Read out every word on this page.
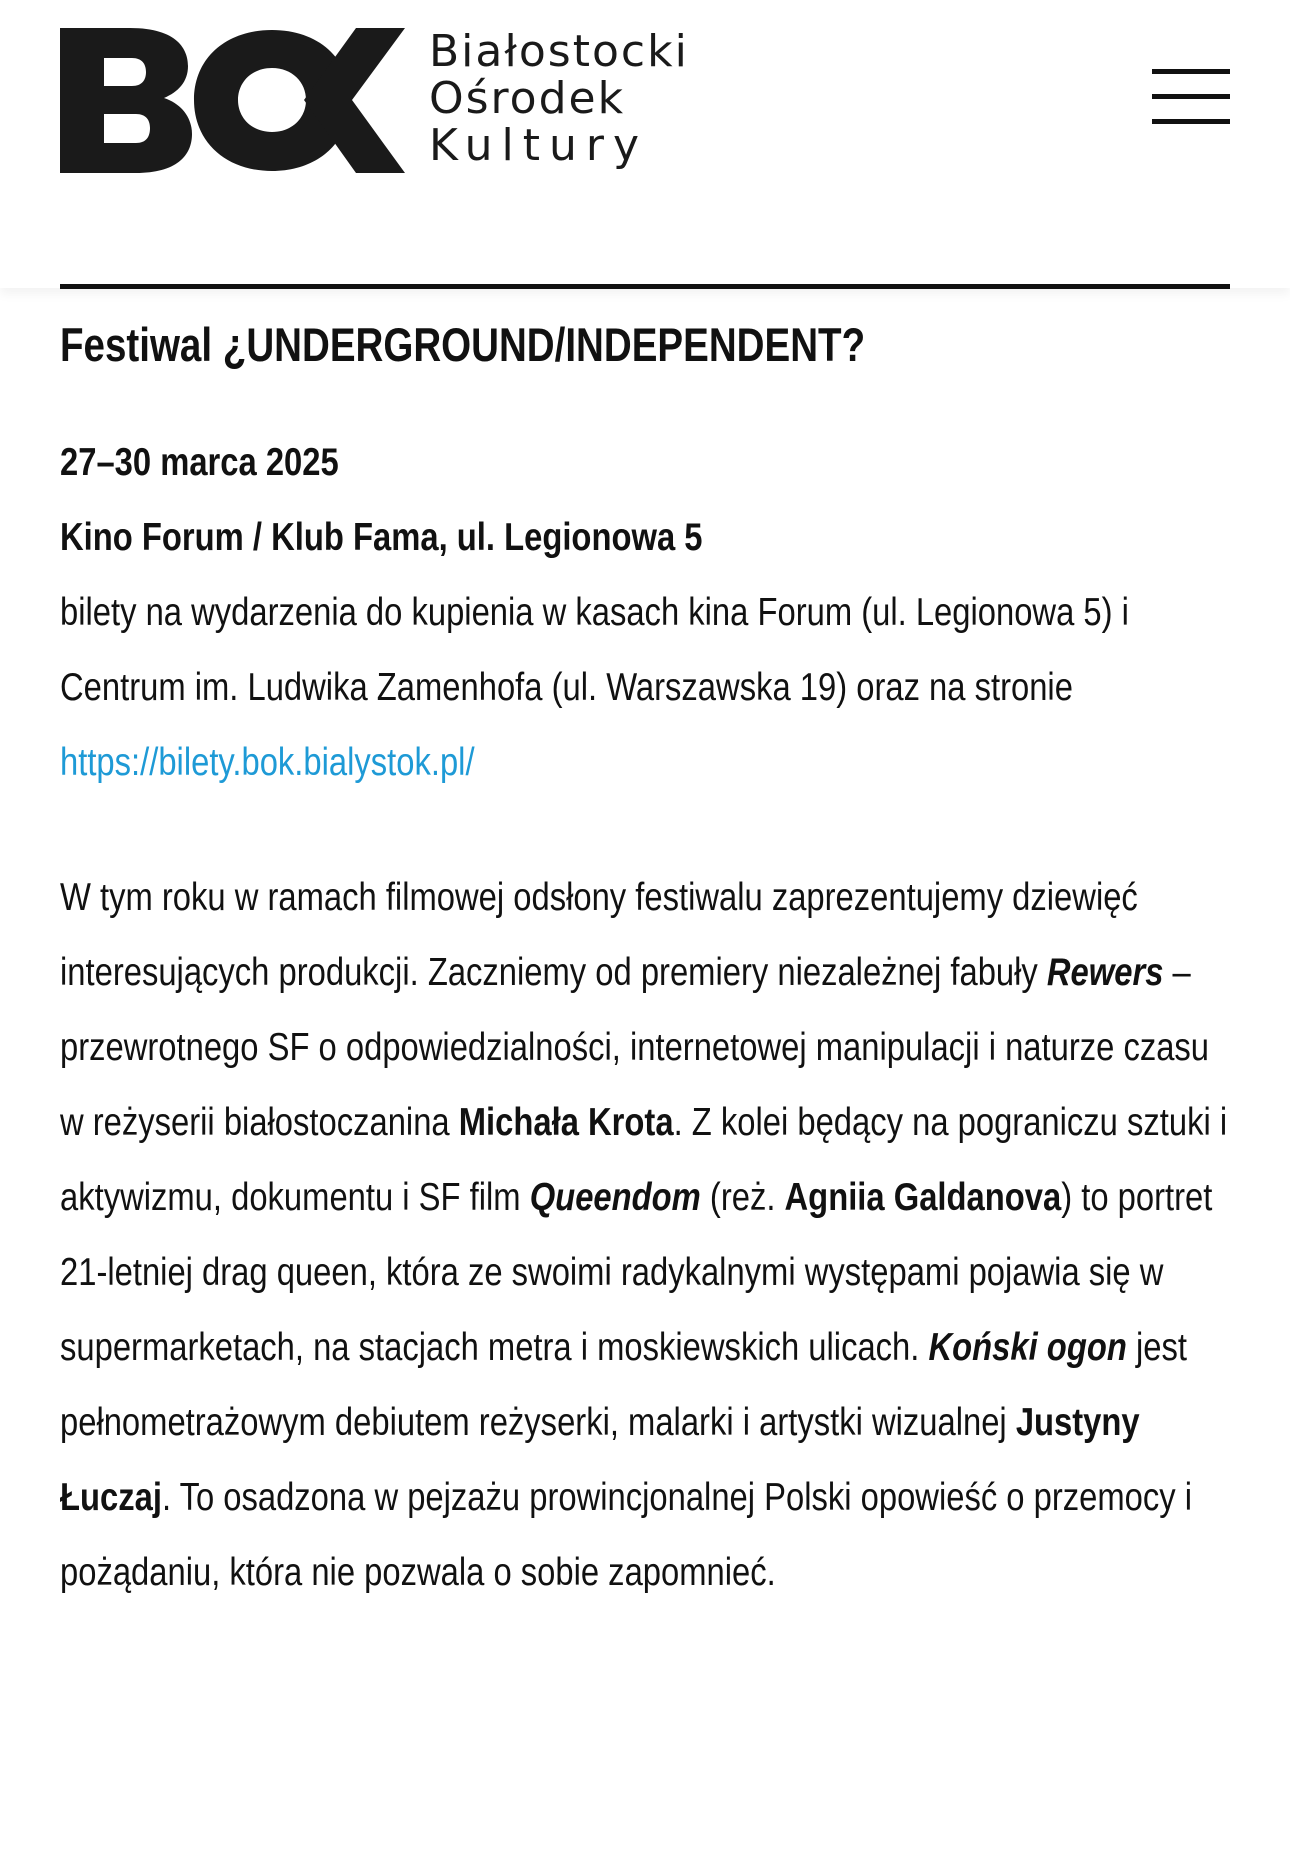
Białostocki
Ośrodek
Kultury
Festiwal ¿UNDERGROUND/INDEPENDENT?

27–30 marca 2025

Kino Forum / Klub Fama, ul. Legionowa 5

bilety na wydarzenia do kupienia w kasach kina Forum (ul. Legionowa 5) i Centrum im. Ludwika Zamenhofa (ul. Warszawska 19) oraz na stronie https://bilety.bok.bialystok.pl/

W tym roku w ramach filmowej odsłony festiwalu zaprezentujemy dziewięć interesujących produkcji. Zaczniemy od premiery niezależnej fabuły Rewers – przewrotnego SF o odpowiedzialności, internetowej manipulacji i naturze czasu w reżyserii białostoczanina Michała Krota. Z kolei będący na pograniczu sztuki i aktywizmu, dokumentu i SF film Queendom (reż. Agniia Galdanova) to portret 21-letniej drag queen, która ze swoimi radykalnymi występami pojawia się w supermarketach, na stacjach metra i moskiewskich ulicach. Koński ogon jest pełnometrażowym debiutem reżyserki, malarki i artystki wizualnej Justyny Łuczaj. To osadzona w pejzażu prowincjonalnej Polski opowieść o przemocy i pożądaniu, która nie pozwala o sobie zapomnieć.
